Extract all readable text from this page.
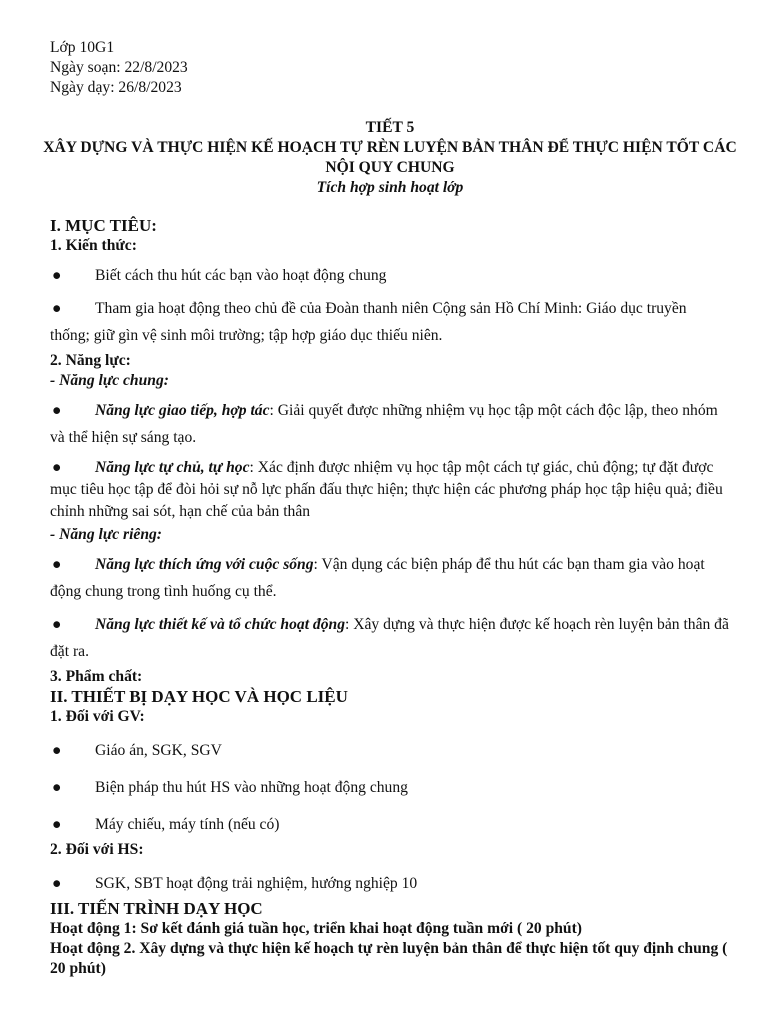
Lớp 10G1
Ngày soạn: 22/8/2023
Ngày dạy: 26/8/2023
TIẾT 5
XÂY DỰNG VÀ THỰC HIỆN KẾ HOẠCH TỰ RÈN LUYỆN BẢN THÂN ĐỂ THỰC HIỆN TỐT CÁC NỘI QUY CHUNG
Tích hợp sinh hoạt lớp
I. MỤC TIÊU:
1. Kiến thức:
● Biết cách thu hút các bạn vào hoạt động chung
● Tham gia hoạt động theo chủ đề của Đoàn thanh niên Cộng sản Hồ Chí Minh: Giáo dục truyền thống; giữ gìn vệ sinh môi trường; tập hợp giáo dục thiếu niên.
2. Năng lực:
- Năng lực chung:
● Năng lực giao tiếp, hợp tác: Giải quyết được những nhiệm vụ học tập một cách độc lập, theo nhóm và thể hiện sự sáng tạo.
● Năng lực tự chủ, tự học: Xác định được nhiệm vụ học tập một cách tự giác, chủ động; tự đặt được mục tiêu học tập để đòi hỏi sự nỗ lực phấn đấu thực hiện; thực hiện các phương pháp học tập hiệu quả; điều chỉnh những sai sót, hạn chế của bản thân
- Năng lực riêng:
● Năng lực thích ứng với cuộc sống: Vận dụng các biện pháp để thu hút các bạn tham gia vào hoạt động chung trong tình huống cụ thể.
● Năng lực thiết kế và tổ chức hoạt động: Xây dựng và thực hiện được kế hoạch rèn luyện bản thân đã đặt ra.
3. Phẩm chất:
II. THIẾT BỊ DẠY HỌC VÀ HỌC LIỆU
1. Đối với GV:
● Giáo án, SGK, SGV
● Biện pháp thu hút HS vào những hoạt động chung
● Máy chiếu, máy tính (nếu có)
2. Đối với HS:
● SGK, SBT hoạt động trải nghiệm, hướng nghiệp 10
III. TIẾN TRÌNH DẠY HỌC
Hoạt động 1: Sơ kết đánh giá tuần học, triển khai hoạt động tuần mới ( 20 phút)
Hoạt động 2. Xây dựng và thực hiện kế hoạch tự rèn luyện bản thân để thực hiện tốt quy định chung ( 20 phút)
